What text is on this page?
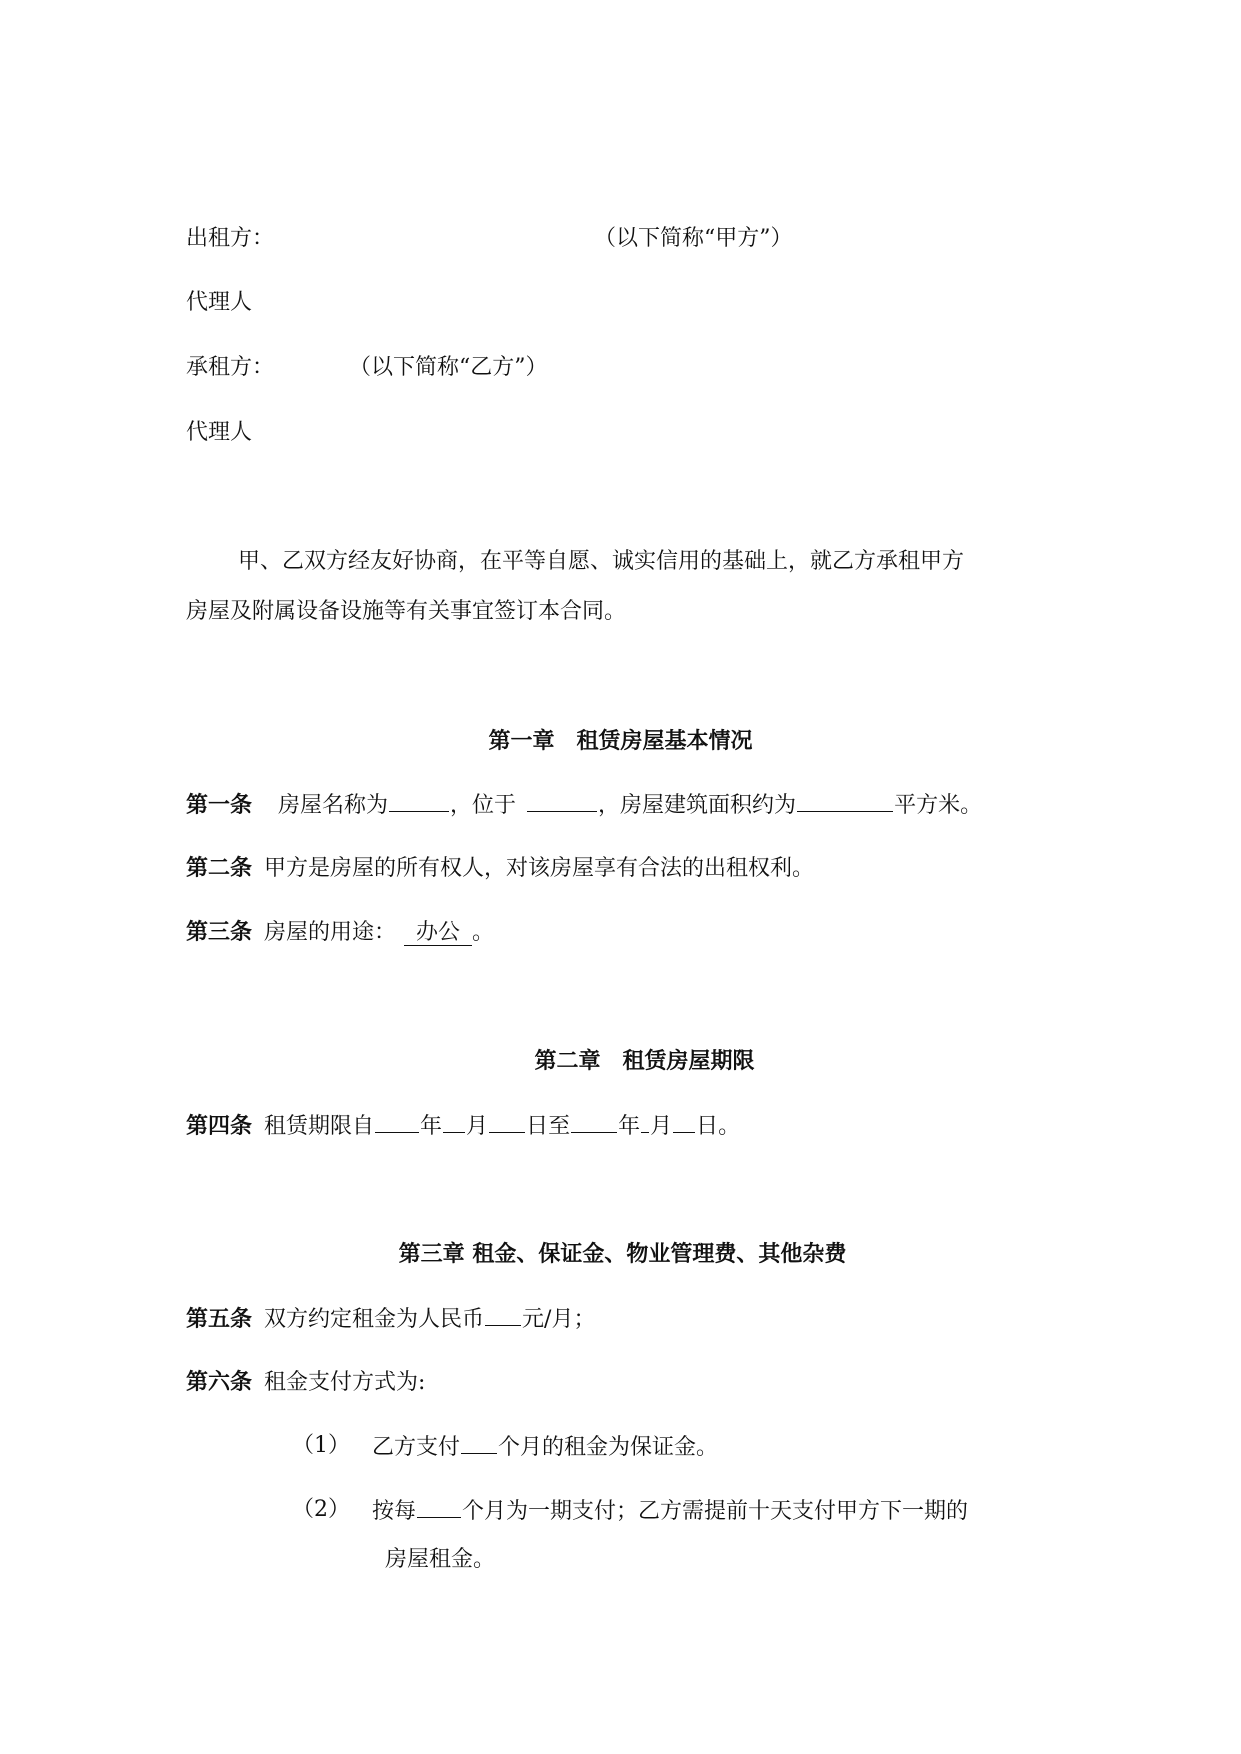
出租方：	（以下简称“甲方”）
代理人
承租方：	（以下简称“乙方”）
代理人
甲、乙双方经友好协商，在平等自愿、诚实信用的基础上，就乙方承租甲方
房屋及附属设备设施等有关事宜签订本合同。
第一章　租赁房屋基本情况
第一条 房屋名称为	，位于	，房屋建筑面积约为	平方米。
第二条 甲方是房屋的所有权人，对该房屋享有合法的出租权利。
第三条 房屋的用途： 办公 。
第二章　租赁房屋期限
第四条 租赁期限自 年 月 日至 年 月 日。
第三章 租金、保证金、物业管理费、其他杂费
第五条 双方约定租金为人民币 元/月；
第六条 租金支付方式为:
（1） 乙方支付 个月的租金为保证金。
（2） 按每 个月为一期支付；乙方需提前十天支付甲方下一期的
房屋租金。
